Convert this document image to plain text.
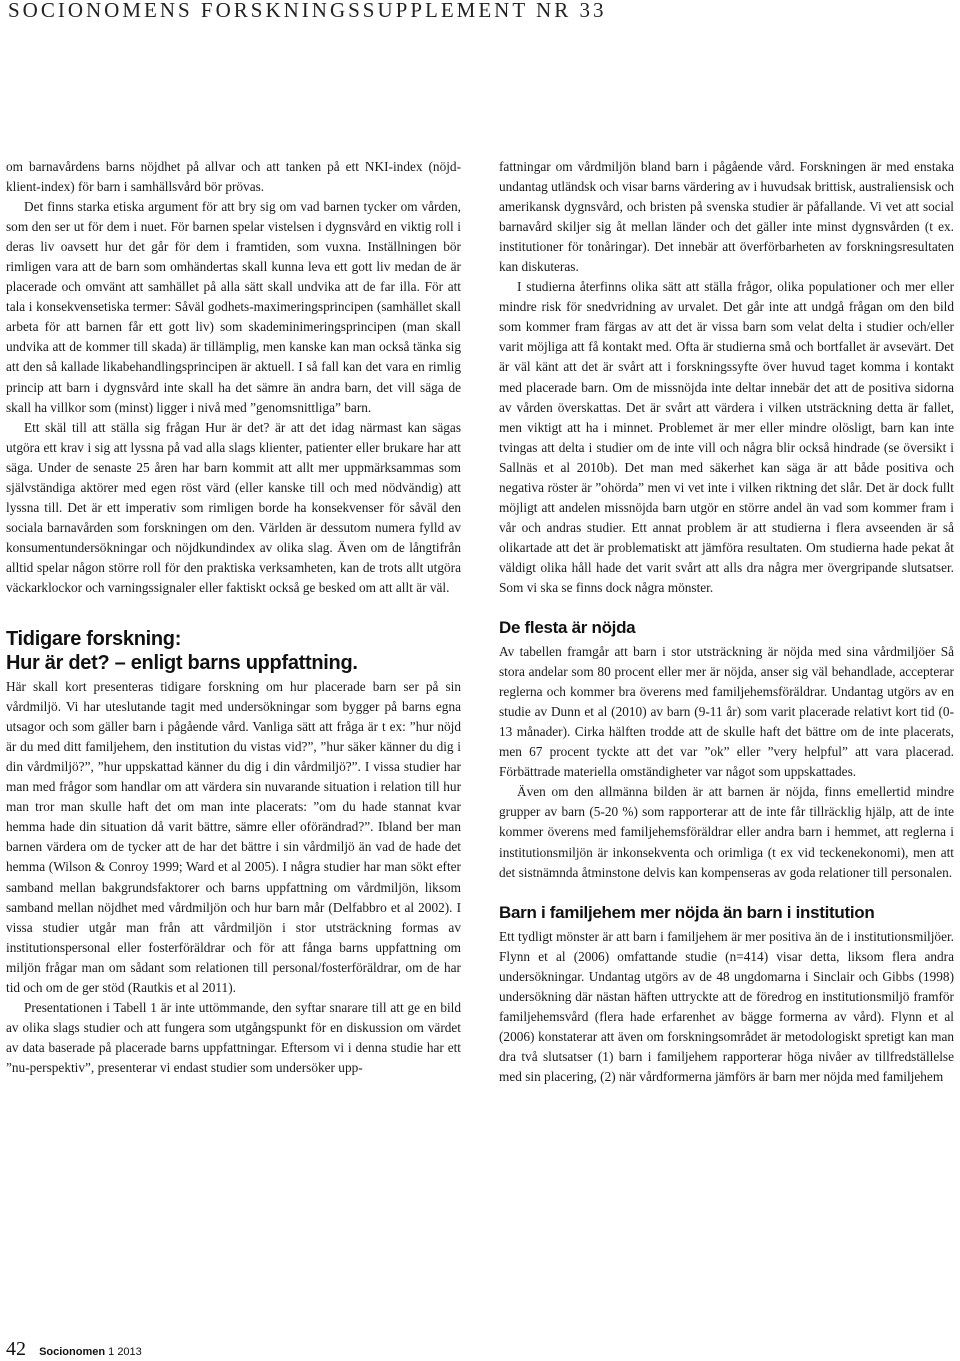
SOCIONOMENS FORSKNINGSSUPPLEMENT NR 33

om barnavårdens barns nöjdhet på allvar och att tanken på ett NKI-index (nöjd-klient-index) för barn i samhällsvård bör prövas.

Det finns starka etiska argument för att bry sig om vad barnen tycker om vården, som den ser ut för dem i nuet. För barnen spelar vistelsen i dygnsvård en viktig roll i deras liv oavsett hur det går för dem i framtiden, som vuxna. Inställningen bör rimligen vara att de barn som omhändertas skall kunna leva ett gott liv medan de är placerade och omvänt att samhället på alla sätt skall undvika att de far illa. För att tala i konsekvensetiska termer: Såväl godhets-maximeringsprincipen (samhället skall arbeta för att barnen får ett gott liv) som skademinimeringsprincipen (man skall undvika att de kommer till skada) är tillämplig, men kanske kan man också tänka sig att den så kallade likabehandlingsprincipen är aktuell. I så fall kan det vara en rimlig princip att barn i dygnsvård inte skall ha det sämre än andra barn, det vill säga de skall ha villkor som (minst) ligger i nivå med ”genomsnittliga” barn.

Ett skäl till att ställa sig frågan Hur är det? är att det idag närmast kan sägas utgöra ett krav i sig att lyssna på vad alla slags klienter, patienter eller brukare har att säga. Under de senaste 25 åren har barn kommit att allt mer uppmärksammas som självständiga aktörer med egen röst värd (eller kanske till och med nödvändig) att lyssna till. Det är ett imperativ som rimligen borde ha konsekvenser för såväl den sociala barnavården som forskningen om den. Världen är dessutom numera fylld av konsumentundersökningar och nöjdkundindex av olika slag. Även om de långtifrån alltid spelar någon större roll för den praktiska verksamheten, kan de trots allt utgöra väckarklockor och varningssignaler eller faktiskt också ge besked om att allt är väl.

Tidigare forskning:
Hur är det? – enligt barns uppfattning.

Här skall kort presenteras tidigare forskning om hur placerade barn ser på sin vårdmiljö. Vi har uteslutande tagit med undersökningar som bygger på barns egna utsagor och som gäller barn i pågående vård. Vanliga sätt att fråga är t ex: ”hur nöjd är du med ditt familjehem, den institution du vistas vid?”, ”hur säker känner du dig i din vårdmiljö?”, ”hur uppskattad känner du dig i din vårdmiljö?”. I vissa studier har man med frågor som handlar om att värdera sin nuvarande situation i relation till hur man tror man skulle haft det om man inte placerats: ”om du hade stannat kvar hemma hade din situation då varit bättre, sämre eller oförändrad?”. Ibland ber man barnen värdera om de tycker att de har det bättre i sin vårdmiljö än vad de hade det hemma (Wilson & Conroy 1999; Ward et al 2005). I några studier har man sökt efter samband mellan bakgrundsfaktorer och barns uppfattning om vårdmiljön, liksom samband mellan nöjdhet med vårdmiljön och hur barn mår (Delfabbro et al 2002). I vissa studier utgår man från att vårdmiljön i stor utsträckning formas av institutionspersonal eller fosterföräldrar och för att fånga barns uppfattning om miljön frågar man om sådant som relationen till personal/fosterföräldrar, om de har tid och om de ger stöd (Rautkis et al 2011).

Presentationen i Tabell 1 är inte uttömmande, den syftar snarare till att ge en bild av olika slags studier och att fungera som utgångspunkt för en diskussion om värdet av data baserade på placerade barns uppfattningar. Eftersom vi i denna studie har ett ”nu-perspektiv”, presenterar vi endast studier som undersöker upp-

fattningar om vårdmiljön bland barn i pågående vård. Forskningen är med enstaka undantag utländsk och visar barns värdering av i huvudsak brittisk, australiensisk och amerikansk dygnsvård, och bristen på svenska studier är påfallande. Vi vet att social barnavård skiljer sig åt mellan länder och det gäller inte minst dygnsvården (t ex. institutioner för tonåringar). Det innebär att överförbarheten av forskningsresultaten kan diskuteras.

I studierna återfinns olika sätt att ställa frågor, olika populationer och mer eller mindre risk för snedvridning av urvalet. Det går inte att undgå frågan om den bild som kommer fram färgas av att det är vissa barn som velat delta i studier och/eller varit möjliga att få kontakt med. Ofta är studierna små och bortfallet är avsevärt. Det är väl känt att det är svårt att i forskningssyfte över huvud taget komma i kontakt med placerade barn. Om de missnöjda inte deltar innebär det att de positiva sidorna av vården överskattas. Det är svårt att värdera i vilken utsträckning detta är fallet, men viktigt att ha i minnet. Problemet är mer eller mindre olösligt, barn kan inte tvingas att delta i studier om de inte vill och några blir också hindrade (se översikt i Sallnäs et al 2010b). Det man med säkerhet kan säga är att både positiva och negativa röster är ”ohörda” men vi vet inte i vilken riktning det slår. Det är dock fullt möjligt att andelen missnöjda barn utgör en större andel än vad som kommer fram i vår och andras studier. Ett annat problem är att studierna i flera avseenden är så olikartade att det är problematiskt att jämföra resultaten. Om studierna hade pekat åt väldigt olika håll hade det varit svårt att alls dra några mer övergripande slutsatser. Som vi ska se finns dock några mönster.

De flesta är nöjda

Av tabellen framgår att barn i stor utsträckning är nöjda med sina vårdmiljöer Så stora andelar som 80 procent eller mer är nöjda, anser sig väl behandlade, accepterar reglerna och kommer bra överens med familjehemsföräldrar. Undantag utgörs av en studie av Dunn et al (2010) av barn (9-11 år) som varit placerade relativt kort tid (0-13 månader). Cirka hälften trodde att de skulle haft det bättre om de inte placerats, men 67 procent tyckte att det var ”ok” eller ”very helpful” att vara placerad. Förbättrade materiella omständigheter var något som uppskattades.

Även om den allmänna bilden är att barnen är nöjda, finns emellertid mindre grupper av barn (5-20 %) som rapporterar att de inte får tillräcklig hjälp, att de inte kommer överens med familjehemsföräldrar eller andra barn i hemmet, att reglerna i institutionsmiljön är inkonsekventa och orimliga (t ex vid teckenekonomi), men att det sistnämnda åtminstone delvis kan kompenseras av goda relationer till personalen.

Barn i familjehem mer nöjda än barn i institution

Ett tydligt mönster är att barn i familjehem är mer positiva än de i institutionsmiljöer. Flynn et al (2006) omfattande studie (n=414) visar detta, liksom flera andra undersökningar. Undantag utgörs av de 48 ungdomarna i Sinclair och Gibbs (1998) undersökning där nästan häften uttryckte att de föredrog en institutionsmiljö framför familjehemsvård (flera hade erfarenhet av bägge formerna av vård). Flynn et al (2006) konstaterar att även om forskningsområdet är metodologiskt spretigt kan man dra två slutsatser (1) barn i familjehem rapporterar höga nivåer av tillfredställelse med sin placering, (2) när vårdformerna jämförs är barn mer nöjda med familjehem

42 Socionomen 1 2013
